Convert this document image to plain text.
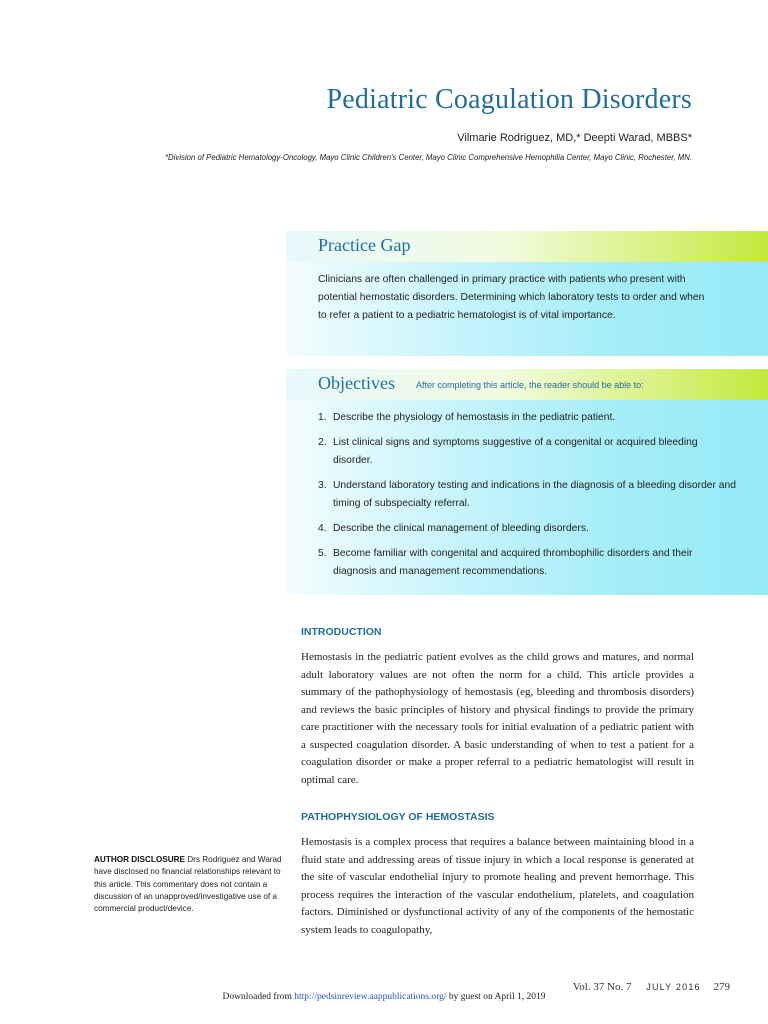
Pediatric Coagulation Disorders
Vilmarie Rodriguez, MD,* Deepti Warad, MBBS*
*Division of Pediatric Hematology-Oncology, Mayo Clinic Children's Center, Mayo Clinic Comprehensive Hemophilia Center, Mayo Clinic, Rochester, MN.
Practice Gap
Clinicians are often challenged in primary practice with patients who present with potential hemostatic disorders. Determining which laboratory tests to order and when to refer a patient to a pediatric hematologist is of vital importance.
Objectives After completing this article, the reader should be able to:
1. Describe the physiology of hemostasis in the pediatric patient.
2. List clinical signs and symptoms suggestive of a congenital or acquired bleeding disorder.
3. Understand laboratory testing and indications in the diagnosis of a bleeding disorder and timing of subspecialty referral.
4. Describe the clinical management of bleeding disorders.
5. Become familiar with congenital and acquired thrombophilic disorders and their diagnosis and management recommendations.
INTRODUCTION
Hemostasis in the pediatric patient evolves as the child grows and matures, and normal adult laboratory values are not often the norm for a child. This article provides a summary of the pathophysiology of hemostasis (eg, bleeding and thrombosis disorders) and reviews the basic principles of history and physical findings to provide the primary care practitioner with the necessary tools for initial evaluation of a pediatric patient with a suspected coagulation disorder. A basic understanding of when to test a patient for a coagulation disorder or make a proper referral to a pediatric hematologist will result in optimal care.
PATHOPHYSIOLOGY OF HEMOSTASIS
Hemostasis is a complex process that requires a balance between maintaining blood in a fluid state and addressing areas of tissue injury in which a local response is generated at the site of vascular endothelial injury to promote healing and prevent hemorrhage. This process requires the interaction of the vascular endothelium, platelets, and coagulation factors. Diminished or dysfunctional activity of any of the components of the hemostatic system leads to coagulopathy,
AUTHOR DISCLOSURE Drs Rodriguez and Warad have disclosed no financial relationships relevant to this article. This commentary does not contain a discussion of an unapproved/investigative use of a commercial product/device.
Vol. 37 No. 7 JULY 2016 279
Downloaded from http://pedsinreview.aappublications.org/ by guest on April 1, 2019
